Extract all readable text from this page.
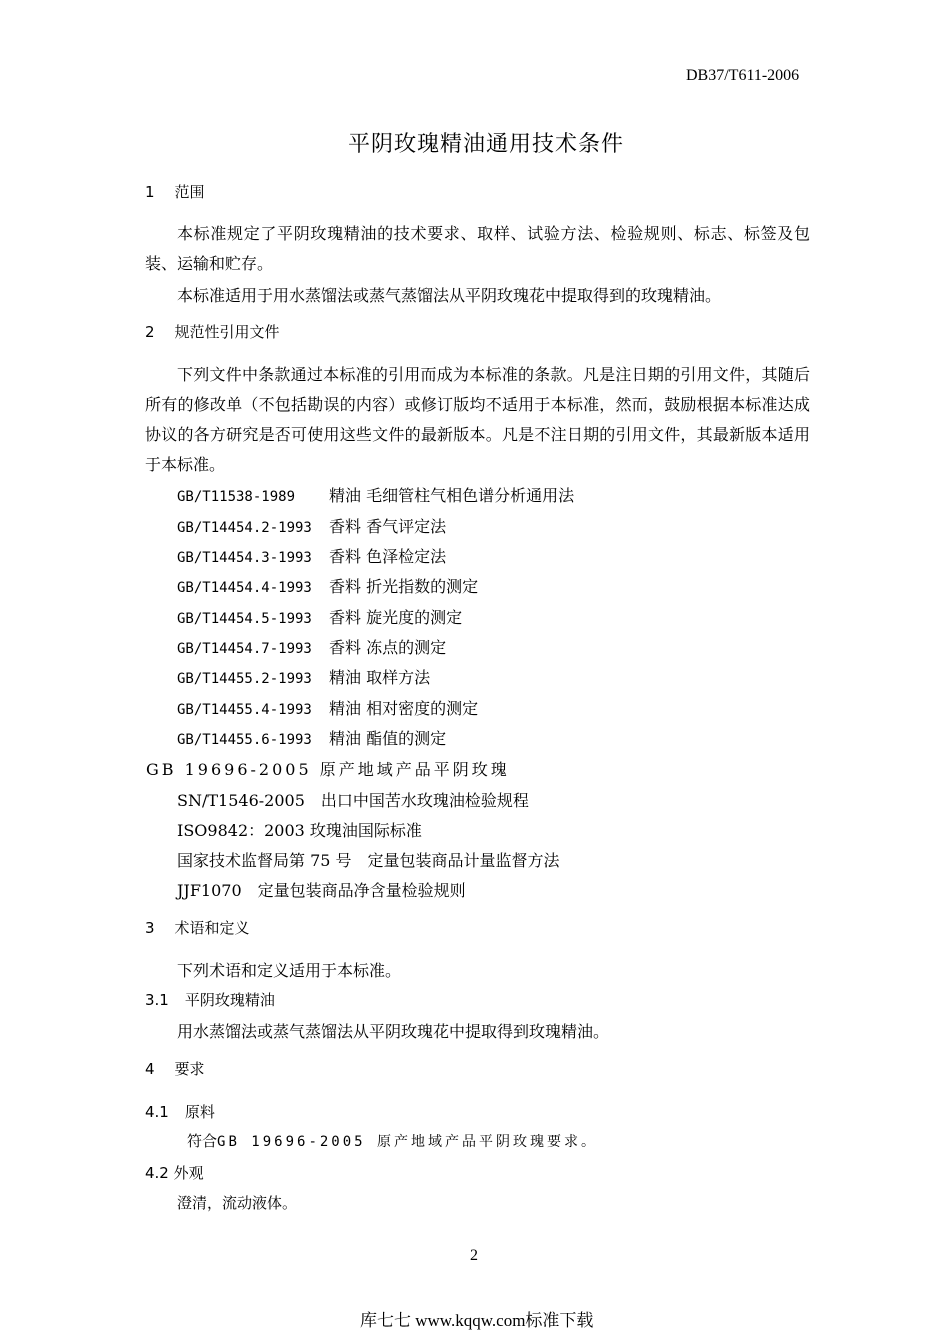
DB37/T611-2006
平阴玫瑰精油通用技术条件
1 范围
本标准规定了平阴玫瑰精油的技术要求、取样、试验方法、检验规则、标志、标签及包装、运输和贮存。
本标准适用于用水蒸馏法或蒸气蒸馏法从平阴玫瑰花中提取得到的玫瑰精油。
2 规范性引用文件
下列文件中条款通过本标准的引用而成为本标准的条款。凡是注日期的引用文件，其随后所有的修改单（不包括勘误的内容）或修订版均不适用于本标准，然而，鼓励根据本标准达成协议的各方研究是否可使用这些文件的最新版本。凡是不注日期的引用文件，其最新版本适用于本标准。
GB/T11538-1989 精油 毛细管柱气相色谱分析通用法
GB/T14454.2-1993 香料 香气评定法
GB/T14454.3-1993 香料 色泽检定法
GB/T14454.4-1993 香料 折光指数的测定
GB/T14454.5-1993 香料 旋光度的测定
GB/T14454.7-1993 香料 冻点的测定
GB/T14455.2-1993 精油 取样方法
GB/T14455.4-1993 精油 相对密度的测定
GB/T14455.6-1993 精油 酯值的测定
GB 19696-2005 原产地域产品平阴玫瑰
SN/T1546-2005　出口中国苦水玫瑰油检验规程
ISO9842：2003 玫瑰油国际标准
国家技术监督局第 75 号　定量包装商品计量监督方法
JJF1070　定量包装商品净含量检验规则
3 术语和定义
下列术语和定义适用于本标准。
3.1 平阴玫瑰精油
用水蒸馏法或蒸气蒸馏法从平阴玫瑰花中提取得到玫瑰精油。
4 要求
4.1 原料
符合GB 19696-2005 原产地域产品平阴玫瑰要求。
4.2 外观
澄清，流动液体。
2
库七七 www.kqqw.com标准下载
